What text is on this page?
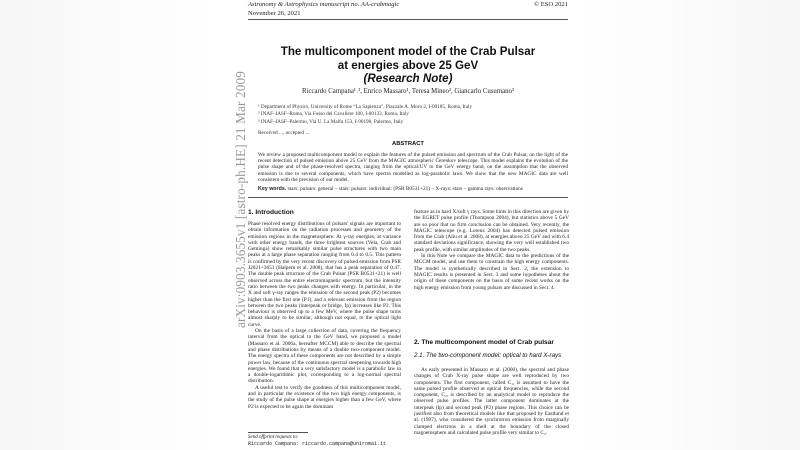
Astronomy & Astrophysics manuscript no. AA-crabmagic
November 26, 2021
© ESO 2021
arXiv:0903.3655v1 [astro-ph.HE] 21 Mar 2009
The multicomponent model of the Crab Pulsar
at energies above 25 GeV
(Research Note)
Riccardo Campana¹˒², Enrico Massaro¹, Teresa Mineo³, Giancarlo Cusumano³
¹ Department of Physics, University of Rome “La Sapienza”, Piazzale A. Moro 2, I-00185, Roma, Italy
² INAF–IASF–Roma, Via Fosso del Cavaliere 100, I-00133, Roma, Italy
³ INAF–IASF–Palermo, Via U. La Malfa 153, I-90198, Palermo, Italy
Received ..., accepted ...
ABSTRACT
We review a proposed multicomponent model to explain the features of the pulsed emission and spectrum of the Crab Pulsar, on the light of the recent detection of pulsed emission above 25 GeV from the MAGIC atmospheric Čerenkov telescope. This model explains the evolution of the pulse shape and of the phase-resolved spectra, ranging from the optical/UV to the GeV energy band, on the assumption that the observed emission is due to several components, which have spectra modelled as log-parabolic laws. We show that the new MAGIC data are well consistent with the prevision of our model.
Key words. stars: pulsars: general – stars: pulsars: individual: (PSR B0531+21) – X-rays: stars – gamma rays: observations
1. Introduction

Phase resolved energy distributions of pulsars' signals are important to obtain information on the radiation processes and geometry of the emission regions in the magnetosphere. At γ-ray energies, at variance with other energy bands, the three brightest sources (Vela, Crab and Geminga) show remarkably similar pulse structures with two main peaks at a large phase separation ranging from 0.4 to 0.5. This pattern is confirmed by the very recent discovery of pulsed emission from PSR J2021+3651 (Halpern et al. 2008), that has a peak separation of 0.47. The double peak structure of the Crab Pulsar (PSR B0531+21) is well observed across the entire electromagnetic spectrum, but the intensity ratio between the two peaks changes with energy. In particular, in the X and soft γ-ray ranges the emission of the second peak (P2) becomes higher than the first one (P1), and a relevant emission from the region between the two peaks (interpeak or bridge, Ip) increases like P2. This behaviour is observed up to a few MeV, where the pulse shape turns almost sharply to be similar, although not equal, to the optical light curve.

On the basis of a large collection of data, covering the frequency interval from the optical to the GeV band, we proposed a model (Massaro et al. 2006a, hereafter MCCM) able to describe the spectral and phase distributions by means of a double two-component model. The energy spectra of these components are not described by a simple power law, because of the continuous spectral steepening towards high energies. We found that a very satisfactory model is a parabolic law in a double-logarithmic plot, corresponding to a log-normal spectral distribution.

A useful test to verify the goodness of this multicomponent model, and in particular the existence of the two high energy components, is the study of the pulse shape at energies higher than a few GeV, where P2 is expected to be again the dominant

feature as in hard X/soft γ rays. Some hints in this direction are given by the EGRET pulse profile (Thompson 2004), but statistics above 5 GeV are so poor that no firm conclusion can be obtained. Very recently, the MAGIC telescope (e.g. Lorenz 2004) has detected pulsed emission from the Crab (Aliu et al. 2008), at energies above 25 GeV and with 6.4 standard deviations significance, showing the very well established two peak profile, with similar amplitudes of the two peaks.

In this Note we compare the MAGIC data to the predictions of the MCCM model, and use them to constrain the high energy components. The model is synthetically described in Sect. 2, the extension to MAGIC results is presented in Sect. 3 and some hypotheses about the origin of these components on the basis of some recent works on the high energy emission from young pulsars are discussed in Sect. 4.

2. The multicomponent model of Crab pulsar
2.1. The two-component model: optical to hard X-rays

As early presented in Massaro et al. (2000), the spectral and phase changes of Crab X-ray pulse shape are well reproduced by two components. The first component, called C₁, is assumed to have the same pulsed profile observed at optical frequencies, while the second component, C₂, is described by an analytical model to reproduce the observed pulse profiles. The latter component dominates at the interpeak (Ip) and second peak (P2) phase regions. This choice can be justified also from theoretical models like that proposed by Eastlund et al. (1997), who considered the synchrotron emission from marginally clamped electrons in a shell at the boundary of the closed magnetosphere and calculated pulse profile very similar to C₂.

Send offprint requests to:
Riccardo Campana: riccardo.campana@uniroma1.it
